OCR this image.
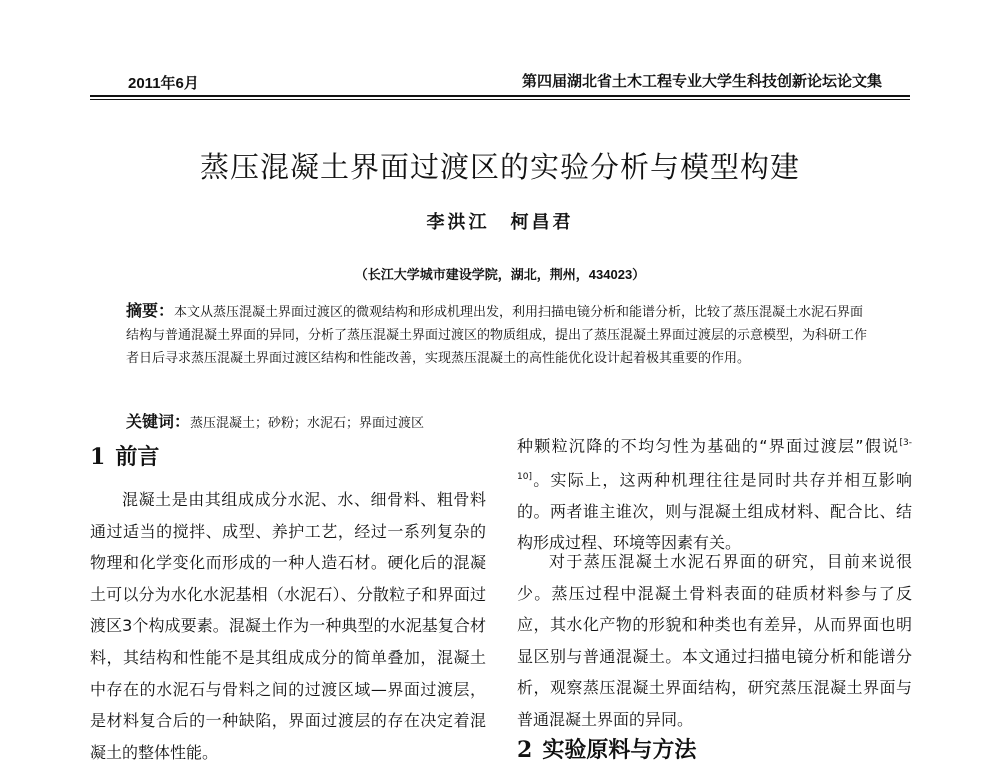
2011年6月	第四届湖北省土木工程专业大学生科技创新论坛论文集
蒸压混凝土界面过渡区的实验分析与模型构建
李洪江　柯昌君
（长江大学城市建设学院，湖北，荆州，434023）
摘要：本文从蒸压混凝土界面过渡区的微观结构和形成机理出发，利用扫描电镜分析和能谱分析，比较了蒸压混凝土水泥石界面结构与普通混凝土界面的异同，分析了蒸压混凝土界面过渡区的物质组成，提出了蒸压混凝土界面过渡层的示意模型，为科研工作者日后寻求蒸压混凝土界面过渡区结构和性能改善，实现蒸压混凝土的高性能优化设计起着极其重要的作用。
关键词：蒸压混凝土；砂粉；水泥石；界面过渡区
1 前言
混凝土是由其组成成分水泥、水、细骨料、粗骨料通过适当的搅拌、成型、养护工艺，经过一系列复杂的物理和化学变化而形成的一种人造石材。硬化后的混凝土可以分为水化水泥基相（水泥石）、分散粒子和界面过渡区3个构成要素。混凝土作为一种典型的水泥基复合材料，其结构和性能不是其组成成分的简单叠加，混凝土中存在的水泥石与骨料之间的过渡区域—界面过渡层，是材料复合后的一种缺陷，界面过渡层的存在决定着混凝土的整体性能。
种颗粒沉降的不均匀性为基础的“界面过渡层”假说[3-10]。实际上，这两种机理往往是同时共存并相互影响的。两者谁主谁次，则与混凝土组成材料、配合比、结构形成过程、环境等因素有关。
对于蒸压混凝土水泥石界面的研究，目前来说很少。蒸压过程中混凝土骨料表面的硅质材料参与了反应，其水化产物的形貌和种类也有差异，从而界面也明显区别与普通混凝土。本文通过扫描电镜分析和能谱分析，观察蒸压混凝土界面结构，研究蒸压混凝土界面与普通混凝土界面的异同。
2 实验原料与方法
